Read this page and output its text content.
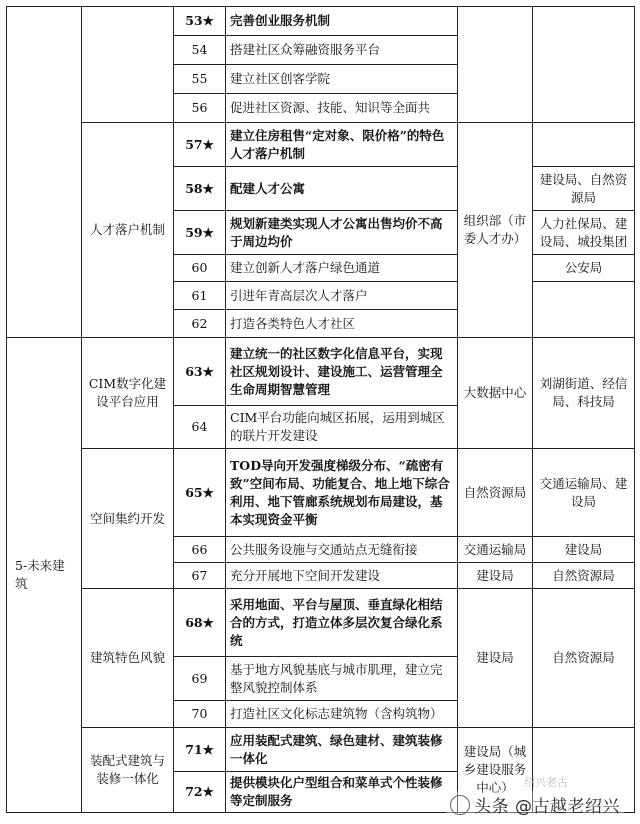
		53★	完善创业服务机制		
		54	搭建社区众筹融资服务平台		
		55	建立社区创客学院		
		56	促进社区资源、技能、知识等全面共		
	人才落户机制	57★	建立住房租售“定对象、限价格”的特色人才落户机制	组织部（市委人才办）	
		58★	配建人才公寓		建设局、自然资源局
		59★	规划新建类实现人才公寓出售均价不高于周边均价		人力社保局、建设局、城投集团
		60	建立创新人才落户绿色通道		公安局
		61	引进年青高层次人才落户		
		62	打造各类特色人才社区		
5-未来建筑	CIM数字化建设平台应用	63★	建立统一的社区数字化信息平台，实现社区规划设计、建设施工、运营管理全生命周期智慧管理	大数据中心	刘湖街道、经信局、科技局
		64	CIM平台功能向城区拓展，运用到城区的联片开发建设		
	空间集约开发	65★	TOD导向开发强度梯级分布、“疏密有致”空间布局、功能复合、地上地下综合利用、地下管廊系统规划布局建设，基本实现资金平衡	自然资源局	交通运输局、建设局
		66	公共服务设施与交通站点无缝衔接	交通运输局	建设局
		67	充分开展地下空间开发建设	建设局	自然资源局
	建筑特色风貌	68★	采用地面、平台与屋顶、垂直绿化相结合的方式，打造立体多层次复合绿化系统	建设局	自然资源局
		69	基于地方风貌基底与城市肌理，建立完整风貌控制体系		
		70	打造社区文化标志建筑物（含构筑物）		
	装配式建筑与装修一体化	71★	应用装配式建筑、绿色建材、建筑装修一体化	建设局（城乡建设服务中心）	
		72★	提供模块化户型组合和菜单式个性装修等定制服务		
绍兴老古
头条 @古越老绍兴
